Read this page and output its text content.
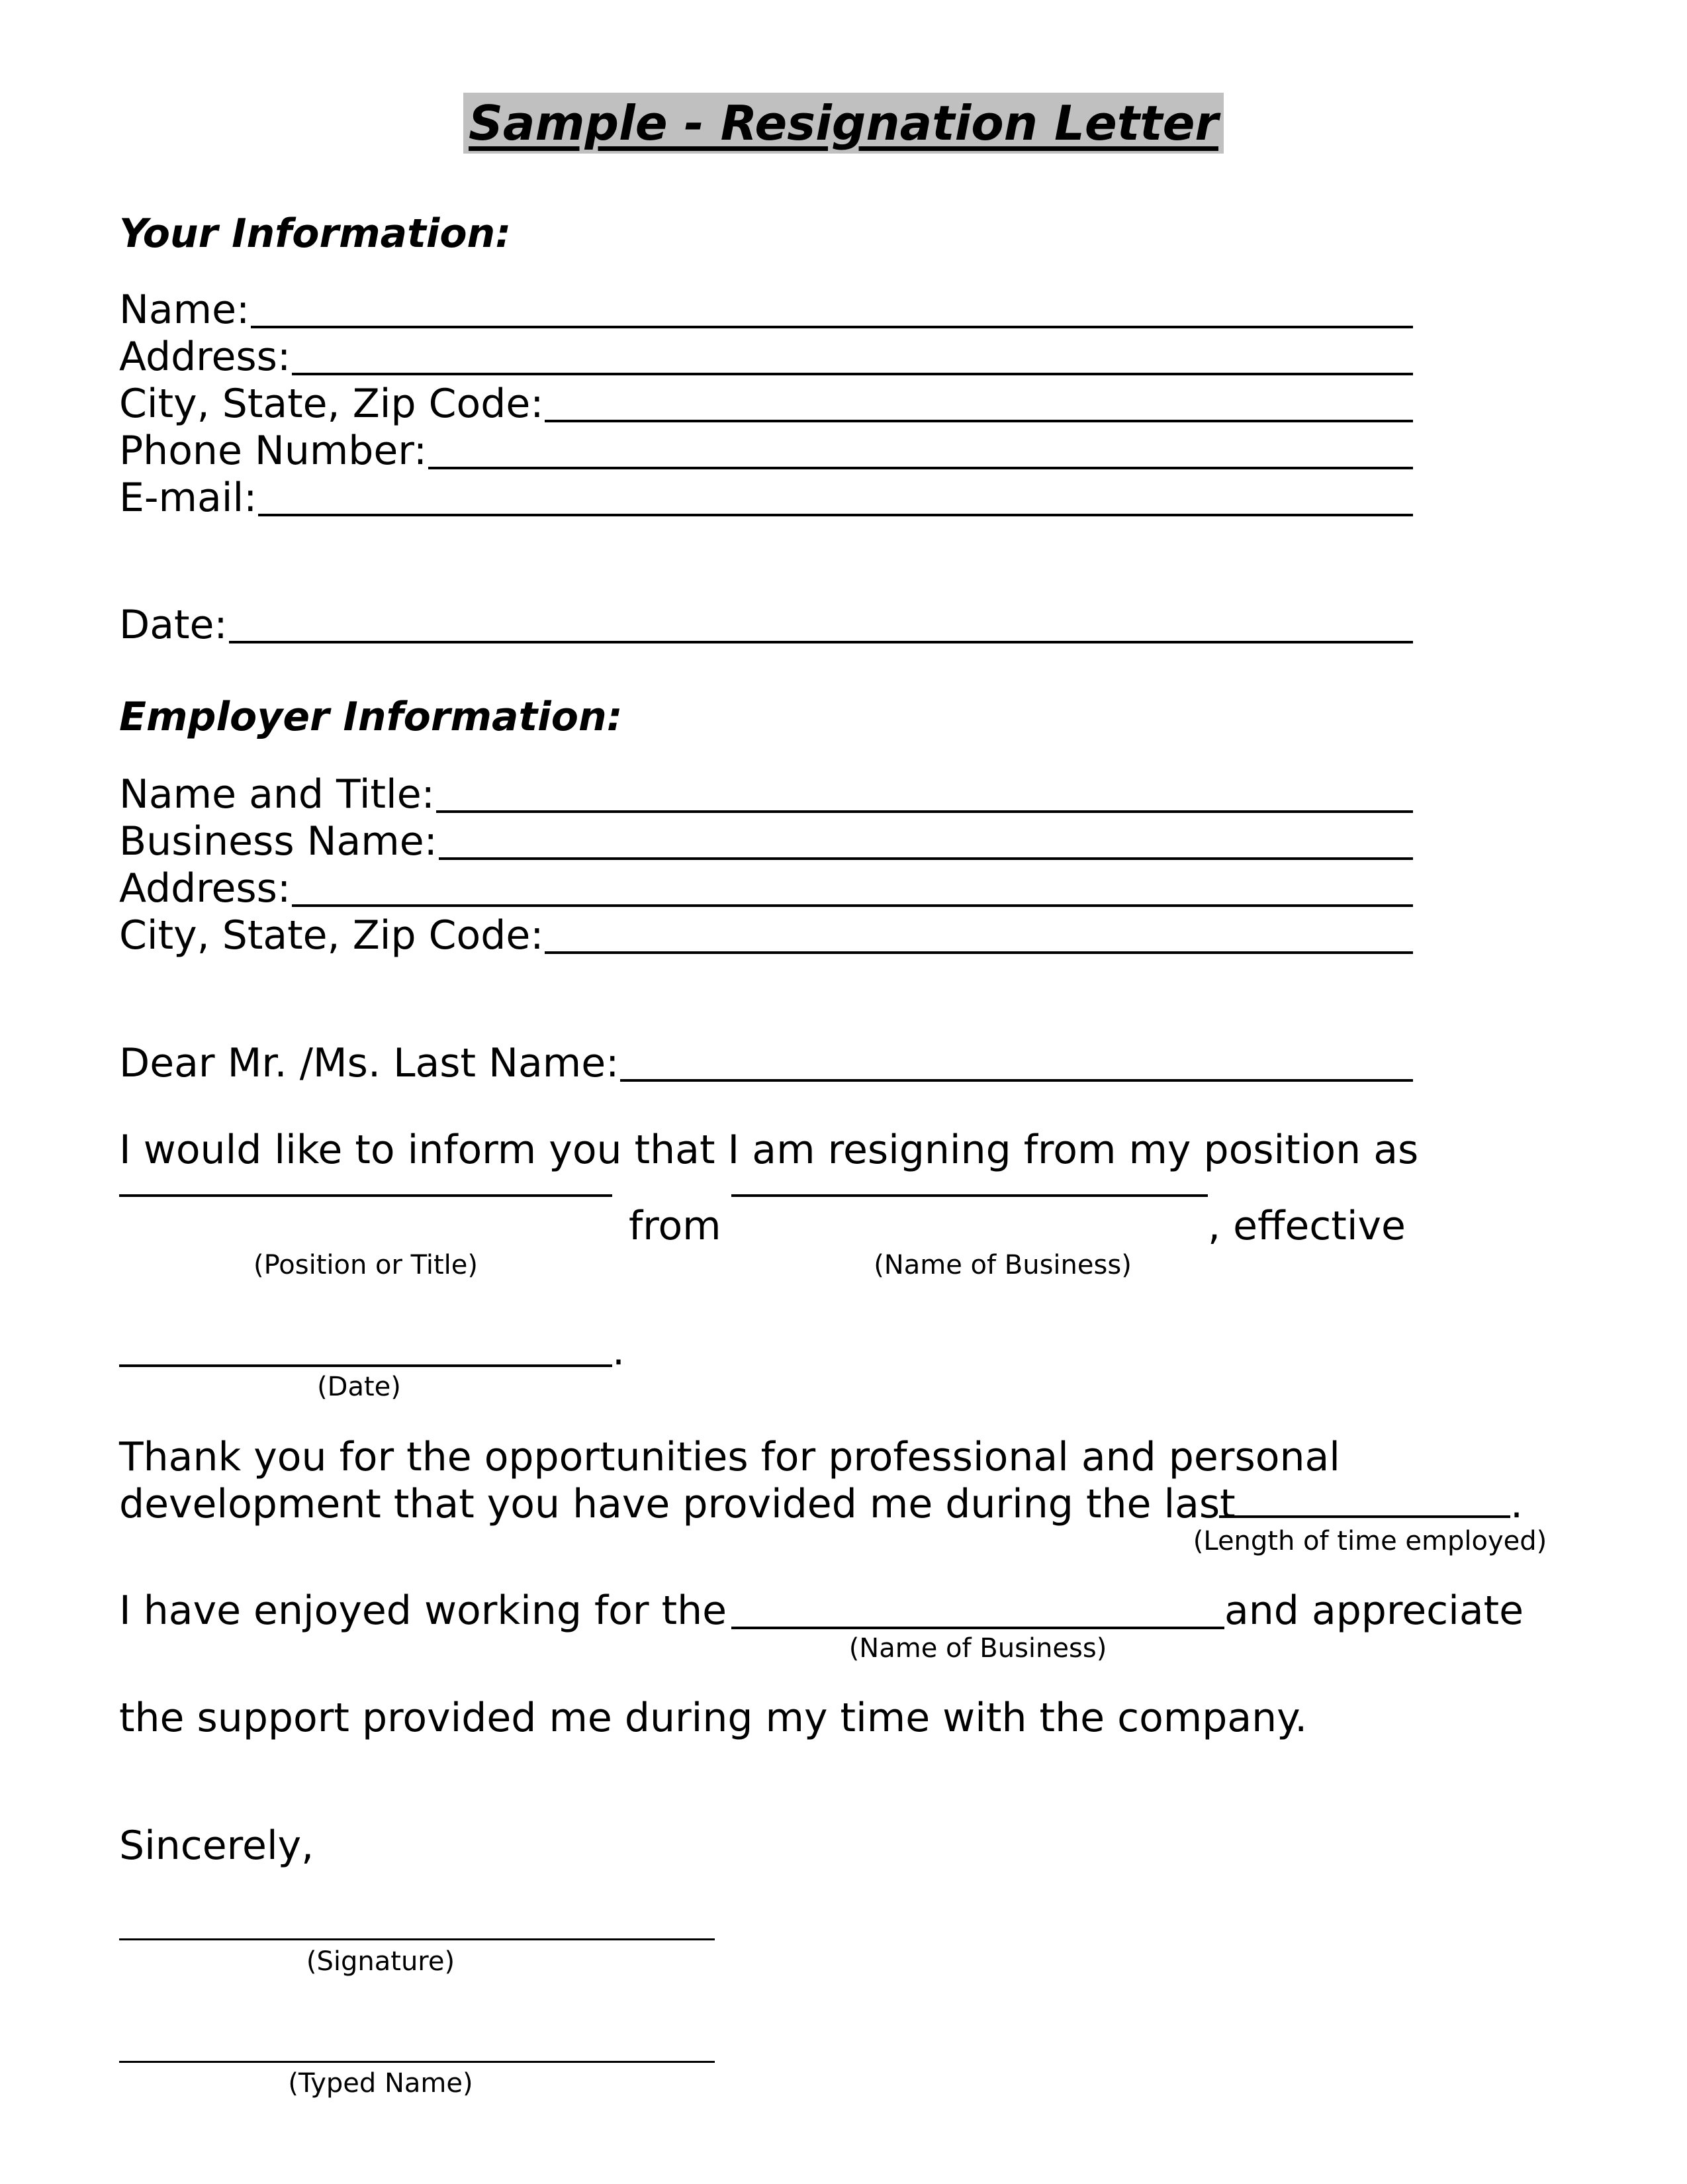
Sample - Resignation Letter
Your Information:
Name:
Address:
City, State, Zip Code:
Phone Number:
E-mail:
Date:
Employer Information:
Name and Title:
Business Name:
Address:
City, State, Zip Code:
Dear Mr. /Ms. Last Name:
I would like to inform you that I am resigning from my position as
from	, effective
(Position or Title)	(Name of Business)
.
(Date)
Thank you for the opportunities for professional and personal
development that you have provided me during the last	.
(Length of time employed)
I have enjoyed working for the	and appreciate
(Name of Business)
the support provided me during my time with the company.
Sincerely,
(Signature)
(Typed Name)
